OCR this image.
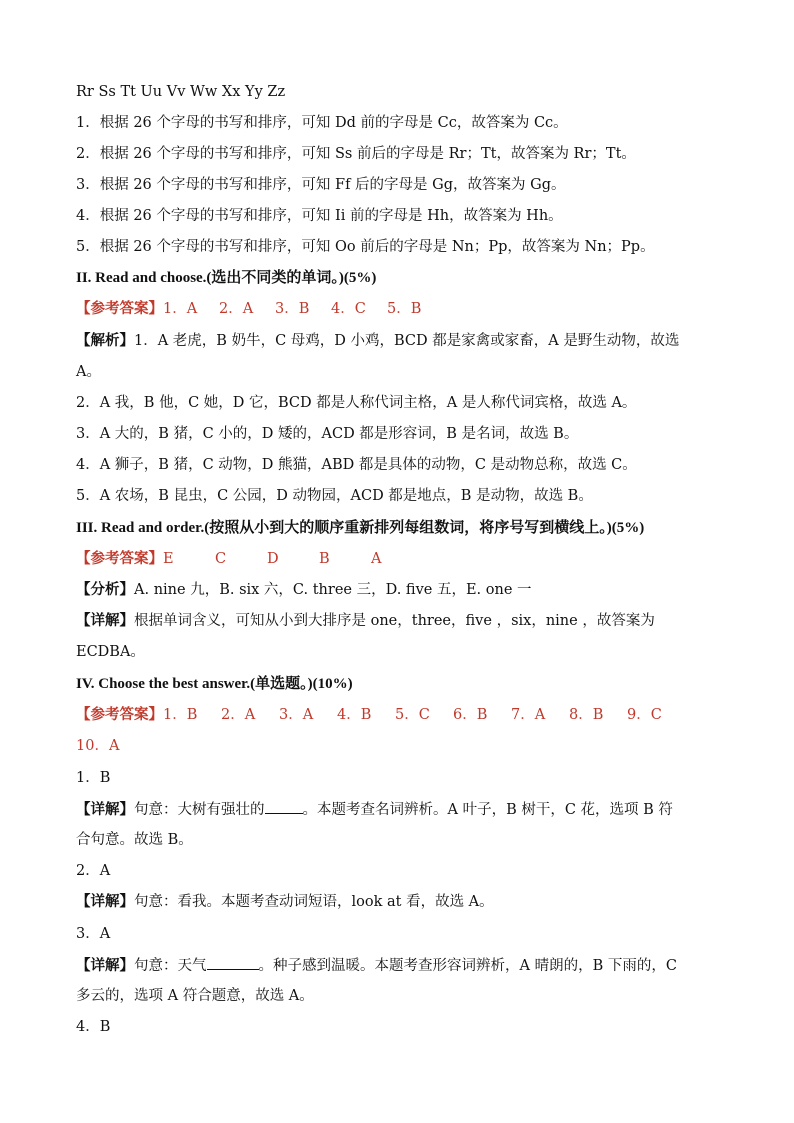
Rr Ss Tt Uu Vv Ww Xx Yy Zz
1．根据 26 个字母的书写和排序，可知 Dd 前的字母是 Cc，故答案为 Cc。
2．根据 26 个字母的书写和排序，可知 Ss 前后的字母是 Rr；Tt，故答案为 Rr；Tt。
3．根据 26 个字母的书写和排序，可知 Ff 后的字母是 Gg，故答案为 Gg。
4．根据 26 个字母的书写和排序，可知 Ii 前的字母是 Hh，故答案为 Hh。
5．根据 26 个字母的书写和排序，可知 Oo 前后的字母是 Nn；Pp，故答案为 Nn；Pp。
II. Read and choose.(选出不同类的单词。)(5%)
【参考答案】1．A 2．A 3．B 4．C 5．B
【解析】1．A 老虎，B 奶牛，C 母鸡，D 小鸡，BCD 都是家禽或家畜，A 是野生动物，故选
A。
2．A 我，B 他，C 她，D 它，BCD 都是人称代词主格，A 是人称代词宾格，故选 A。
3．A 大的，B 猪，C 小的，D 矮的，ACD 都是形容词，B 是名词，故选 B。
4．A 狮子，B 猪，C 动物，D 熊猫，ABD 都是具体的动物，C 是动物总称，故选 C。
5．A 农场，B 昆虫，C 公园，D 动物园，ACD 都是地点，B 是动物，故选 B。
III. Read and order.(按照从小到大的顺序重新排列每组数词，将序号写到横线上。)(5%)
【参考答案】E	C	D	B	A
【分析】A. nine 九，B. six 六，C. three 三，D. five 五，E. one 一
【详解】根据单词含义，可知从小到大排序是 one，three，five ，six，nine ，故答案为
ECDBA。
IV. Choose the best answer.(单选题。)(10%)
【参考答案】1．B 2．A 3．A 4．B 5．C 6．B 7．A 8．B 9．C
10．A
1．B
【详解】句意：大树有强壮的	。本题考查名词辨析。A 叶子，B 树干，C 花，选项 B 符
合句意。故选 B。
2．A
【详解】句意：看我。本题考查动词短语，look at 看，故选 A。
3．A
【详解】句意：天气	。种子感到温暖。本题考查形容词辨析，A 晴朗的，B 下雨的，C
多云的，选项 A 符合题意，故选 A。
4．B
